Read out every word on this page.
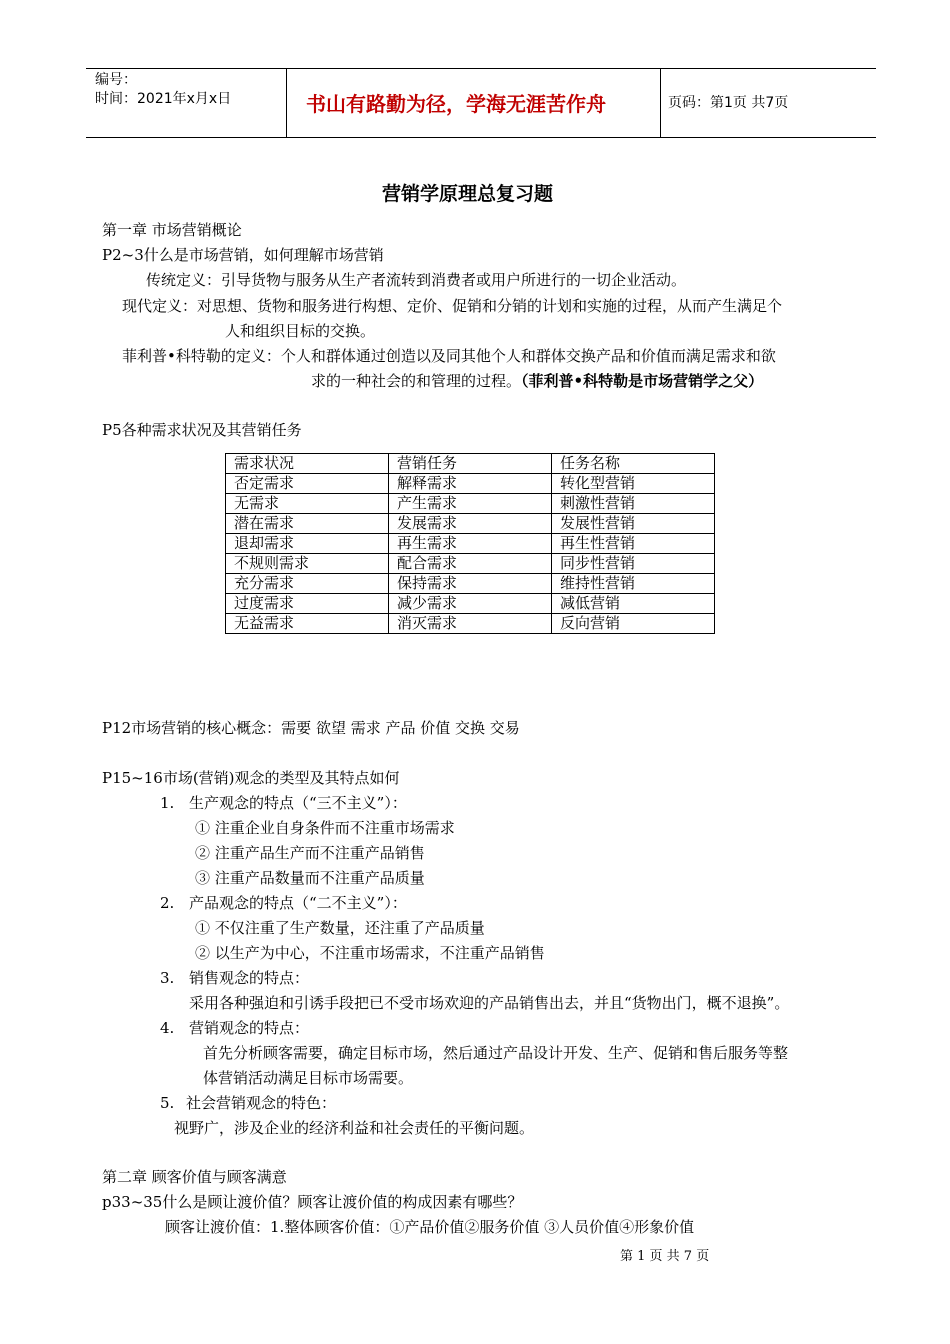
编号：
时间：2021年x月x日	书山有路勤为径，学海无涯苦作舟	页码：第1页 共7页
营销学原理总复习题
第一章 市场营销概论
P2~3什么是市场营销，如何理解市场营销
传统定义：引导货物与服务从生产者流转到消费者或用户所进行的一切企业活动。
现代定义：对思想、货物和服务进行构想、定价、促销和分销的计划和实施的过程，从而产生满足个
人和组织目标的交换。
菲利普•科特勒的定义：个人和群体通过创造以及同其他个人和群体交换产品和价值而满足需求和欲
求的一种社会的和管理的过程。（菲利普•科特勒是市场营销学之父）
P5各种需求状况及其营销任务
需求状况	营销任务	任务名称
否定需求	解释需求	转化型营销
无需求	产生需求	刺激性营销
潜在需求	发展需求	发展性营销
退却需求	再生需求	再生性营销
不规则需求	配合需求	同步性营销
充分需求	保持需求	维持性营销
过度需求	减少需求	减低营销
无益需求	消灭需求	反向营销
P12市场营销的核心概念：需要 欲望 需求 产品 价值 交换 交易
P15~16市场(营销)观念的类型及其特点如何
1. 生产观念的特点（“三不主义”）：
① 注重企业自身条件而不注重市场需求
② 注重产品生产而不注重产品销售
③ 注重产品数量而不注重产品质量
2. 产品观念的特点（“二不主义”）：
① 不仅注重了生产数量，还注重了产品质量
② 以生产为中心，不注重市场需求，不注重产品销售
3. 销售观念的特点：
采用各种强迫和引诱手段把已不受市场欢迎的产品销售出去，并且“货物出门，概不退换”。
4. 营销观念的特点：
首先分析顾客需要，确定目标市场，然后通过产品设计开发、生产、促销和售后服务等整
体营销活动满足目标市场需要。
5. 社会营销观念的特色：
视野广，涉及企业的经济利益和社会责任的平衡问题。
第二章 顾客价值与顾客满意
p33~35什么是顾让渡价值？顾客让渡价值的构成因素有哪些？
顾客让渡价值：1.整体顾客价值：①产品价值②服务价值 ③人员价值④形象价值
第 1 页 共 7 页
